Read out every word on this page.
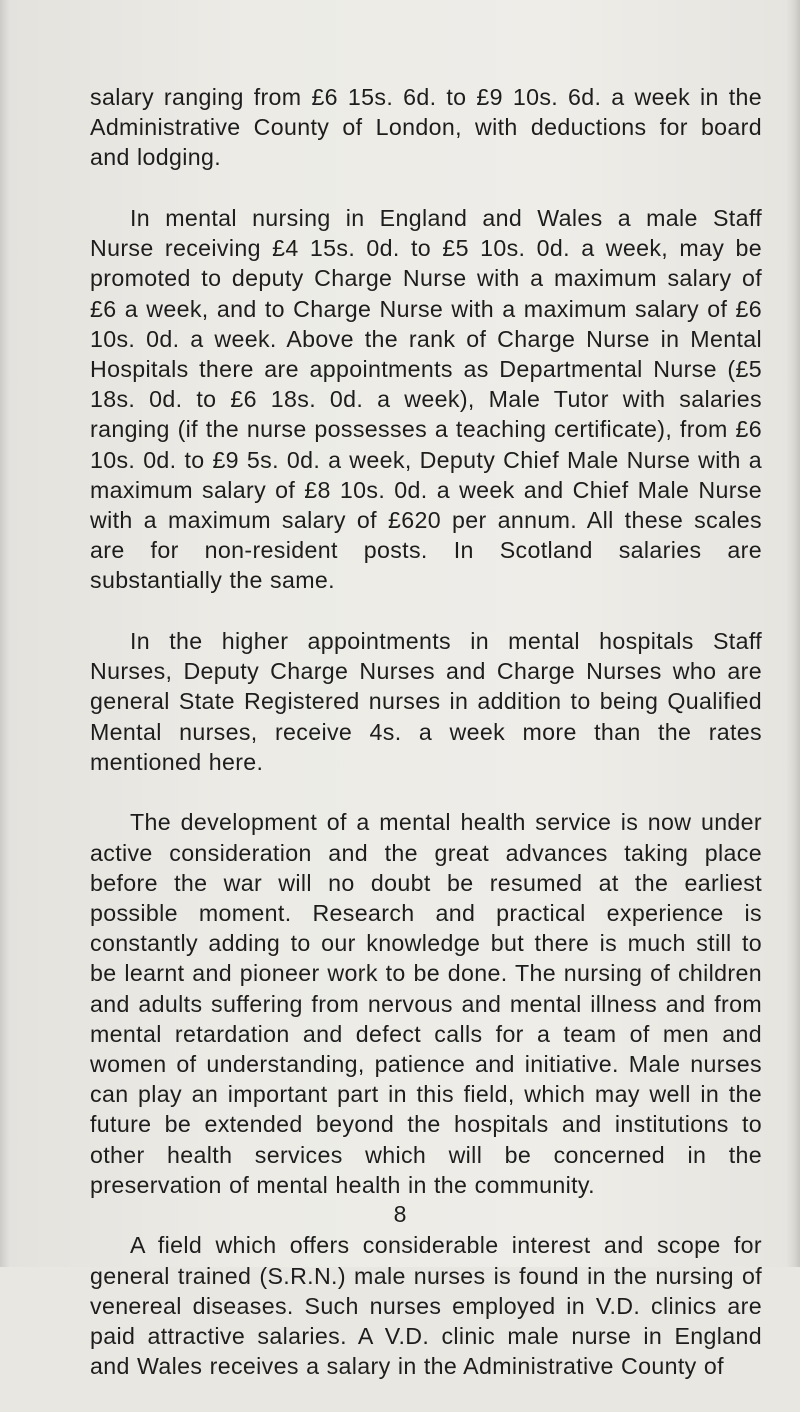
salary ranging from £6 15s. 6d. to £9 10s. 6d. a week in the Administrative County of London, with deductions for board and lodging.

In mental nursing in England and Wales a male Staff Nurse receiving £4 15s. 0d. to £5 10s. 0d. a week, may be promoted to deputy Charge Nurse with a maximum salary of £6 a week, and to Charge Nurse with a maximum salary of £6 10s. 0d. a week. Above the rank of Charge Nurse in Mental Hospitals there are appointments as Departmental Nurse (£5 18s. 0d. to £6 18s. 0d. a week), Male Tutor with salaries ranging (if the nurse possesses a teaching certificate), from £6 10s. 0d. to £9 5s. 0d. a week, Deputy Chief Male Nurse with a maximum salary of £8 10s. 0d. a week and Chief Male Nurse with a maximum salary of £620 per annum. All these scales are for non-resident posts. In Scotland salaries are substantially the same.

In the higher appointments in mental hospitals Staff Nurses, Deputy Charge Nurses and Charge Nurses who are general State Registered nurses in addition to being Qualified Mental nurses, receive 4s. a week more than the rates mentioned here.

The development of a mental health service is now under active consideration and the great advances taking place before the war will no doubt be resumed at the earliest possible moment. Research and practical experience is constantly adding to our knowledge but there is much still to be learnt and pioneer work to be done. The nursing of children and adults suffering from nervous and mental illness and from mental retardation and defect calls for a team of men and women of understanding, patience and initiative. Male nurses can play an important part in this field, which may well in the future be extended beyond the hospitals and institutions to other health services which will be concerned in the preservation of mental health in the community.

A field which offers considerable interest and scope for general trained (S.R.N.) male nurses is found in the nursing of venereal diseases. Such nurses employed in V.D. clinics are paid attractive salaries. A V.D. clinic male nurse in England and Wales receives a salary in the Administrative County of

8
